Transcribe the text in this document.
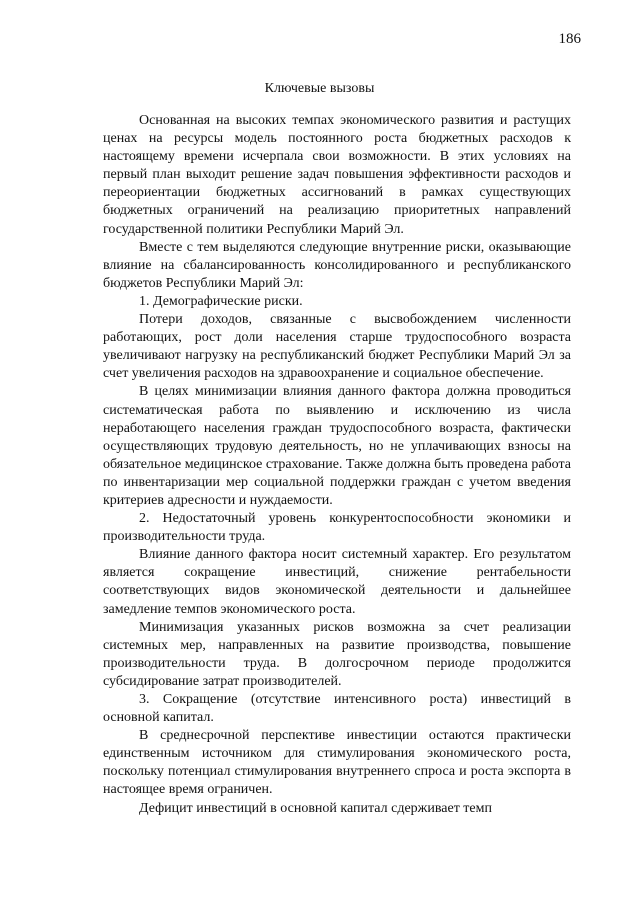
186
Ключевые вызовы

Основанная на высоких темпах экономического развития и растущих ценах на ресурсы модель постоянного роста бюджетных расходов к настоящему времени исчерпала свои возможности. В этих условиях на первый план выходит решение задач повышения эффективности расходов и переориентации бюджетных ассигнований в рамках существующих бюджетных ограничений на реализацию приоритетных направлений государственной политики Республики Марий Эл.

Вместе с тем выделяются следующие внутренние риски, оказывающие влияние на сбалансированность консолидированного и республиканского бюджетов Республики Марий Эл:

1. Демографические риски.

Потери доходов, связанные с высвобождением численности работающих, рост доли населения старше трудоспособного возраста увеличивают нагрузку на республиканский бюджет Республики Марий Эл за счет увеличения расходов на здравоохранение и социальное обеспечение.

В целях минимизации влияния данного фактора должна проводиться систематическая работа по выявлению и исключению из числа неработающего населения граждан трудоспособного возраста, фактически осуществляющих трудовую деятельность, но не уплачивающих взносы на обязательное медицинское страхование. Также должна быть проведена работа по инвентаризации мер социальной поддержки граждан с учетом введения критериев адресности и нуждаемости.

2. Недостаточный уровень конкурентоспособности экономики и производительности труда.

Влияние данного фактора носит системный характер. Его результатом является сокращение инвестиций, снижение рентабельности соответствующих видов экономической деятельности и дальнейшее замедление темпов экономического роста.

Минимизация указанных рисков возможна за счет реализации системных мер, направленных на развитие производства, повышение производительности труда. В долгосрочном периоде продолжится субсидирование затрат производителей.

3. Сокращение (отсутствие интенсивного роста) инвестиций в основной капитал.

В среднесрочной перспективе инвестиции остаются практически единственным источником для стимулирования экономического роста, поскольку потенциал стимулирования внутреннего спроса и роста экспорта в настоящее время ограничен.

Дефицит инвестиций в основной капитал сдерживает темп
